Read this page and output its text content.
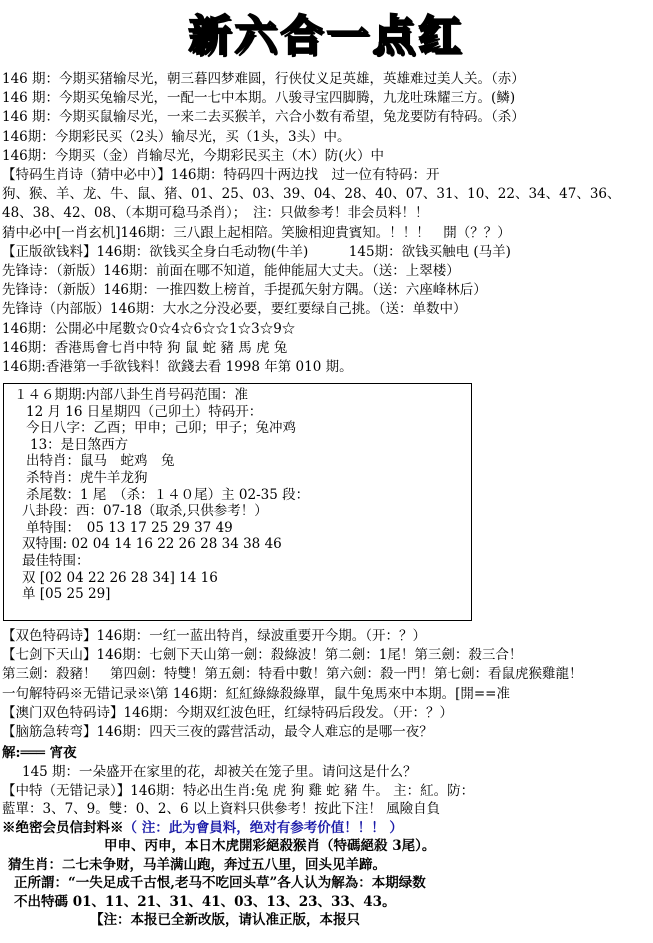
新六合一点红
146 期：今期买猪输尽光，朝三暮四梦难圆，行侠仗义足英雄，英雄难过美人关。（赤）
146 期：今期买兔输尽光，一配一七中本期。八骏寻宝四脚腾，九龙吐珠耀三方。(鳞)
146 期：今期买鼠输尽光，一来二去买猴羊，六合小数有希望，兔龙要防有特码。（杀）
146期：今期彩民买（2头）输尽光，买（1头，3头）中。
146期：今期买（金）肖输尽光，今期彩民买主（木）防(火）中
【特码生肖诗（猜中必中）】146期：特码四十两边找　过一位有特码：开
狗、猴、羊、龙、牛、鼠、猪、01、25、03、39、04、28、40、07、31、10、22、34、47、36、
48、38、42、08、（本期可稳马杀肖）；　注：只做参考！非会员料！！
猜中必中[一肖玄机]146期：三八跟上起相陪。笑臉相迎貴賓知。！！！　開（？？）
【正版欲钱料】146期：欲钱买全身白毛动物(牛羊)　　　145期：欲钱买触电 (马羊)
先锋诗：（新版）146期：前面在哪不知道，能伸能屈大丈夫。（送：上翠楼）
先锋诗：（新版）146期：一推四数上榜首，手提孤矢射方隅。（送：六座峰林后）
先锋诗（内部版）146期：大水之分没必要，要红要绿自己挑。（送：单数中）
146期：公開必中尾數☆0☆4☆6☆☆1☆3☆9☆
146期：香港馬會七肖中特 狗 鼠 蛇 豬 馬 虎 兔
146期:香港第一手欲钱料！欲錢去看 1998 年第 010 期。
１４６期期:内部八卦生肖号码范围：准
12 月 16 日星期四（己卯土）特码开：
今日八字：乙酉；甲申；己卯；甲子；兔冲鸡
13：是日煞西方
出特肖：鼠马　蛇鸡　兔
杀特肖：虎牛羊龙狗
杀尾数：1 尾　（杀：１４０尾）主 02-35 段：
八卦段：西：07-18（取杀,只供参考！）
单特围：　05 13 17 25 29 37 49
双特围: 02 04 14 16 22 26 28 34 38 46
最佳特围：
双 [02 04 22 26 28 34] 14 16
单 [05 25 29]
【双色特码诗】146期：一红一蓝出特肖，绿波重要开今期。（开：？）
【七剑下天山】146期：七劍下天山第一劍：殺綠波！第二劍：1尾！第三劍：殺三合！
第三劍：殺豬！　第四劍：特雙！第五劍：特看中數！第六劍：殺一門！第七劍：看鼠虎猴雞龍！
一句解特码※无错记录※\第 146期：紅紅綠綠殺綠單，鼠牛兔馬來中本期。[開==准
【澳门双色特码诗】146期：今期双红波色旺，红绿特码后段发。（开：？）
【脑筋急转弯】146期：四天三夜的露营活动，最令人难忘的是哪一夜？
解:═══ 宵夜
145 期：一朵盛开在家里的花，却被关在笼子里。请问这是什么？
【中特（无错记录）】146期：特必出生肖:兔 虎 狗 雞 蛇 豬 牛。 主：紅。防：
藍單：3、7、9。雙：0、2、6 以上資料只供參考！按此下注！ 風險自負
※绝密会员信封料※（ 注：此为會員料，绝对有参考价值！！！ ）
甲申、丙申，本日木虎開彩絕殺猴肖（特碼絕殺 3尾）。
猜生肖：二七未争财，马羊满山跑，奔过五八里，回头见羊蹄。
正所謂：“一失足成千古恨,老马不吃回头草”各人认为解為：本期绿数
不出特碼 01、11、21、31、41、03、13、23、33、43。
【注：本报已全新改版，请认准正版，本报只
